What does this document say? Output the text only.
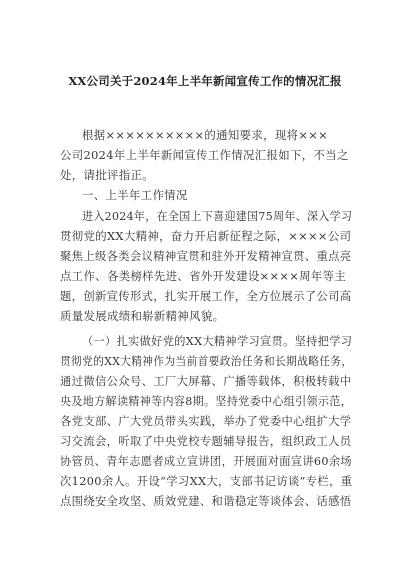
XX公司关于2024年上半年新闻宣传工作的情况汇报
根据××××××××××的通知要求，现将×××
公司2024年上半年新闻宣传工作情况汇报如下，不当之
处，请批评指正。
一、上半年工作情况
进入2024年，在全国上下喜迎建国75周年、深入学习
贯彻党的XX大精神，奋力开启新征程之际，××××公司
聚焦上级各类会议精神宣贯和驻外开发精神宣贯、重点亮
点工作、各类榜样先进、省外开发建设××××周年等主
题，创新宣传形式，扎实开展工作，全方位展示了公司高
质量发展成绩和崭新精神风貌。
（一）扎实做好党的XX大精神学习宣贯。坚持把学习
贯彻党的XX大精神作为当前首要政治任务和长期战略任务，
通过微信公众号、工厂大屏幕、广播等载体，积极转载中
央及地方解读精神等内容8期。坚持党委中心组引领示范，
各党支部、广大党员带头实践，举办了党委中心组扩大学
习交流会，听取了中央党校专题辅导报告，组织政工人员
协管员、青年志愿者成立宣讲团，开展面对面宣讲60余场
次1200余人。开设“学习XX大，支部书记访谈”专栏，重
点围绕安全攻坚、质效党建、和谐稳定等谈体会、话感悟
